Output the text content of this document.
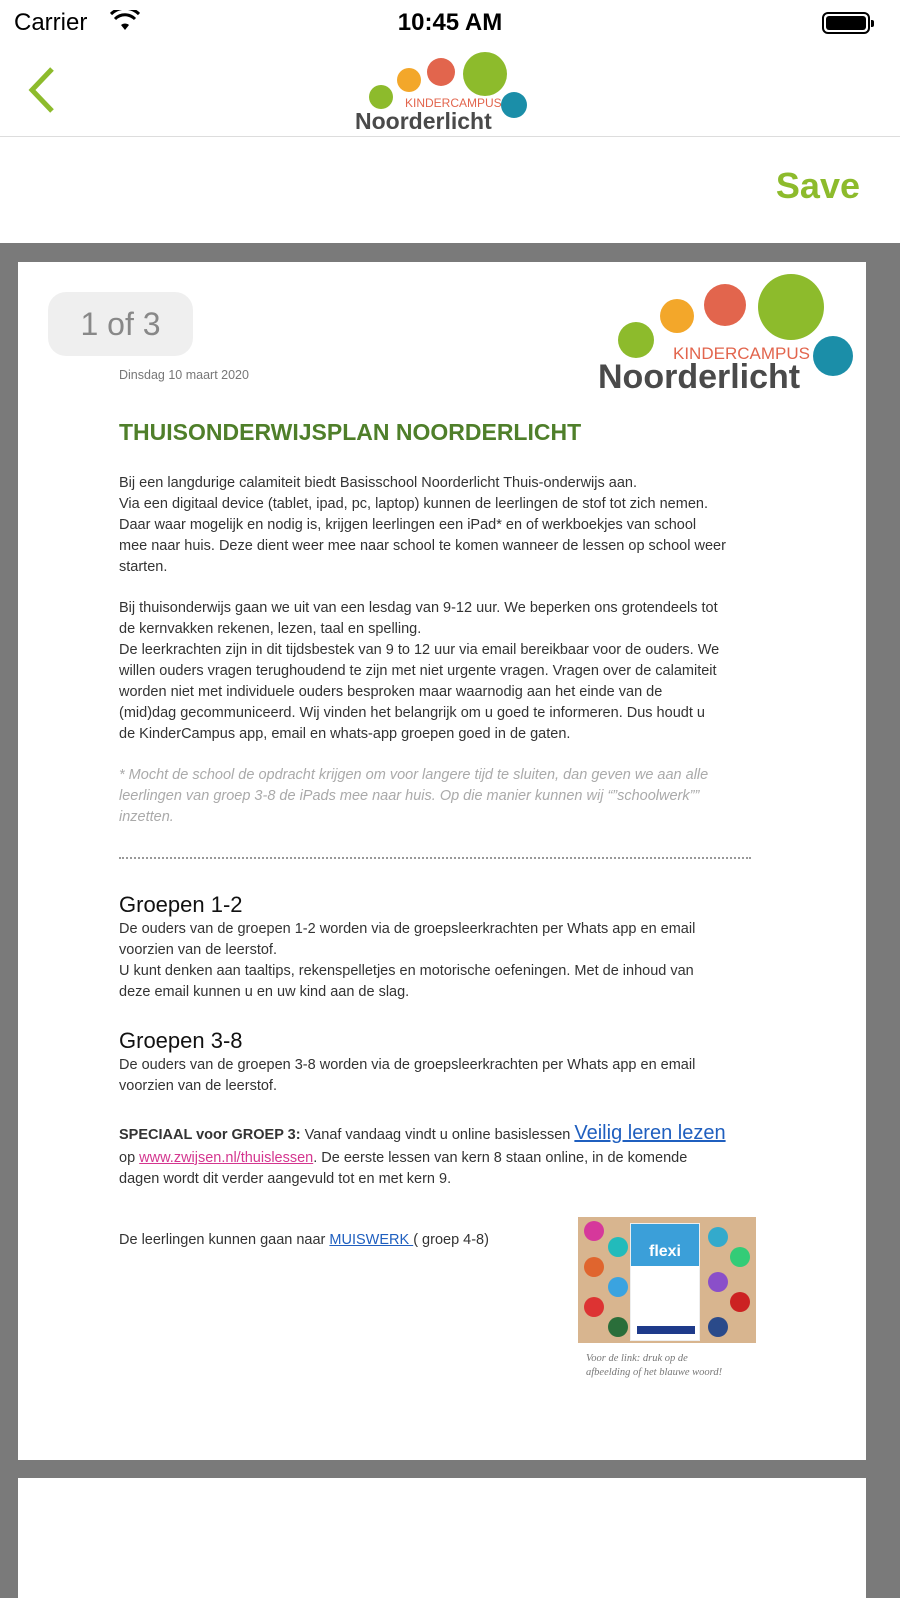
Carrier	10:45 AM
KINDERCAMPUS
Noorderlicht
Save
KINDERCAMPUS
Noorderlicht
1 of 3
Dinsdag 10 maart 2020
THUISONDERWIJSPLAN NOORDERLICHT
Bij een langdurige calamiteit biedt Basisschool Noorderlicht Thuis-onderwijs aan.
Via een digitaal device (tablet, ipad, pc, laptop) kunnen de leerlingen de stof tot zich nemen.
Daar waar mogelijk en nodig is, krijgen leerlingen een iPad* en of werkboekjes van school
mee naar huis. Deze dient weer mee naar school te komen wanneer de lessen op school weer
starten.
Bij thuisonderwijs gaan we uit van een lesdag van 9-12 uur. We beperken ons grotendeels tot
de kernvakken rekenen, lezen, taal en spelling.
De leerkrachten zijn in dit tijdsbestek van 9 to 12 uur via email bereikbaar voor de ouders. We
willen ouders vragen terughoudend te zijn met niet urgente vragen. Vragen over de calamiteit
worden niet met individuele ouders besproken maar waarnodig aan het einde van de
(mid)dag gecommuniceerd. Wij vinden het belangrijk om u goed te informeren. Dus houdt u
de KinderCampus app, email en whats-app groepen goed in de gaten.
* Mocht de school de opdracht krijgen om voor langere tijd te sluiten, dan geven we aan alle
leerlingen van groep 3-8 de iPads mee naar huis. Op die manier kunnen wij “”schoolwerk””
inzetten.
Groepen 1-2
De ouders van de groepen 1-2 worden via de groepsleerkrachten per Whats app en email
voorzien van de leerstof.
U kunt denken aan taaltips, rekenspelletjes en motorische oefeningen. Met de inhoud van
deze email kunnen u en uw kind aan de slag.
Groepen 3-8
De ouders van de groepen 3-8 worden via de groepsleerkrachten per Whats app en email
voorzien van de leerstof.
SPECIAAL voor GROEP 3: Vanaf vandaag vindt u online basislessen Veilig leren lezen
op www.zwijsen.nl/thuislessen. De eerste lessen van kern 8 staan online, in de komende
dagen wordt dit verder aangevuld tot en met kern 9.
De leerlingen kunnen gaan naar MUISWERK ( groep 4-8)
flexi
Voor de link: druk op de
afbeelding of het blauwe woord!
